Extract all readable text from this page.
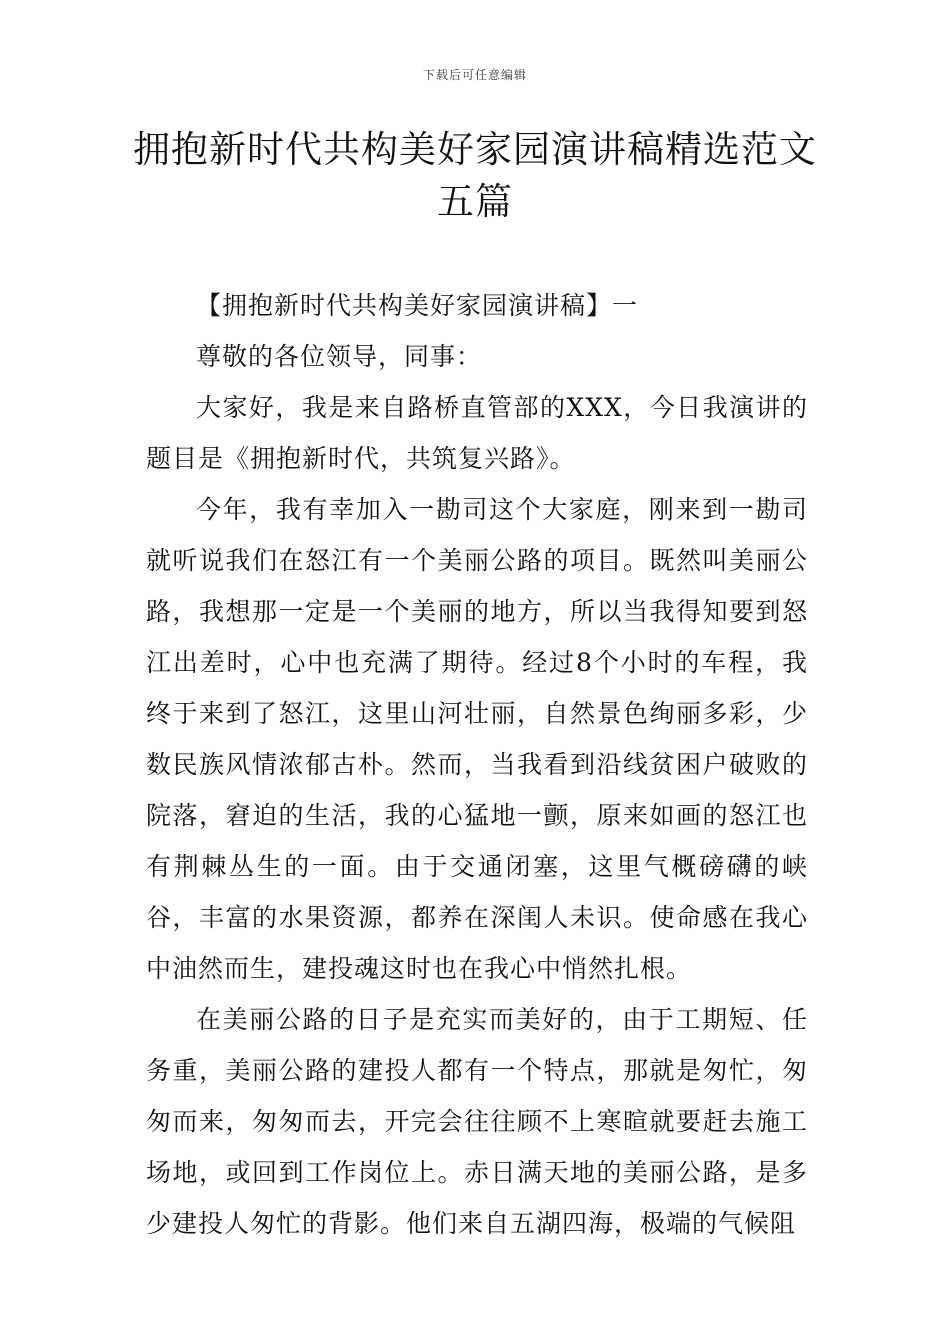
下载后可任意编辑
拥抱新时代共构美好家园演讲稿精选范文五篇

【拥抱新时代共构美好家园演讲稿】一

尊敬的各位领导，同事：

大家好，我是来自路桥直管部的XXX，今日我演讲的题目是《拥抱新时代，共筑复兴路》。

今年，我有幸加入一勘司这个大家庭，刚来到一勘司就听说我们在怒江有一个美丽公路的项目。既然叫美丽公路，我想那一定是一个美丽的地方，所以当我得知要到怒江出差时，心中也充满了期待。经过8个小时的车程，我终于来到了怒江，这里山河壮丽，自然景色绚丽多彩，少数民族风情浓郁古朴。然而，当我看到沿线贫困户破败的院落，窘迫的生活，我的心猛地一颤，原来如画的怒江也有荆棘丛生的一面。由于交通闭塞，这里气概磅礴的峡谷，丰富的水果资源，都养在深闺人未识。使命感在我心中油然而生，建投魂这时也在我心中悄然扎根。

在美丽公路的日子是充实而美好的，由于工期短、任务重，美丽公路的建投人都有一个特点，那就是匆忙，匆匆而来，匆匆而去，开完会往往顾不上寒暄就要赶去施工场地，或回到工作岗位上。赤日满天地的美丽公路，是多少建投人匆忙的背影。他们来自五湖四海，极端的气候阻
